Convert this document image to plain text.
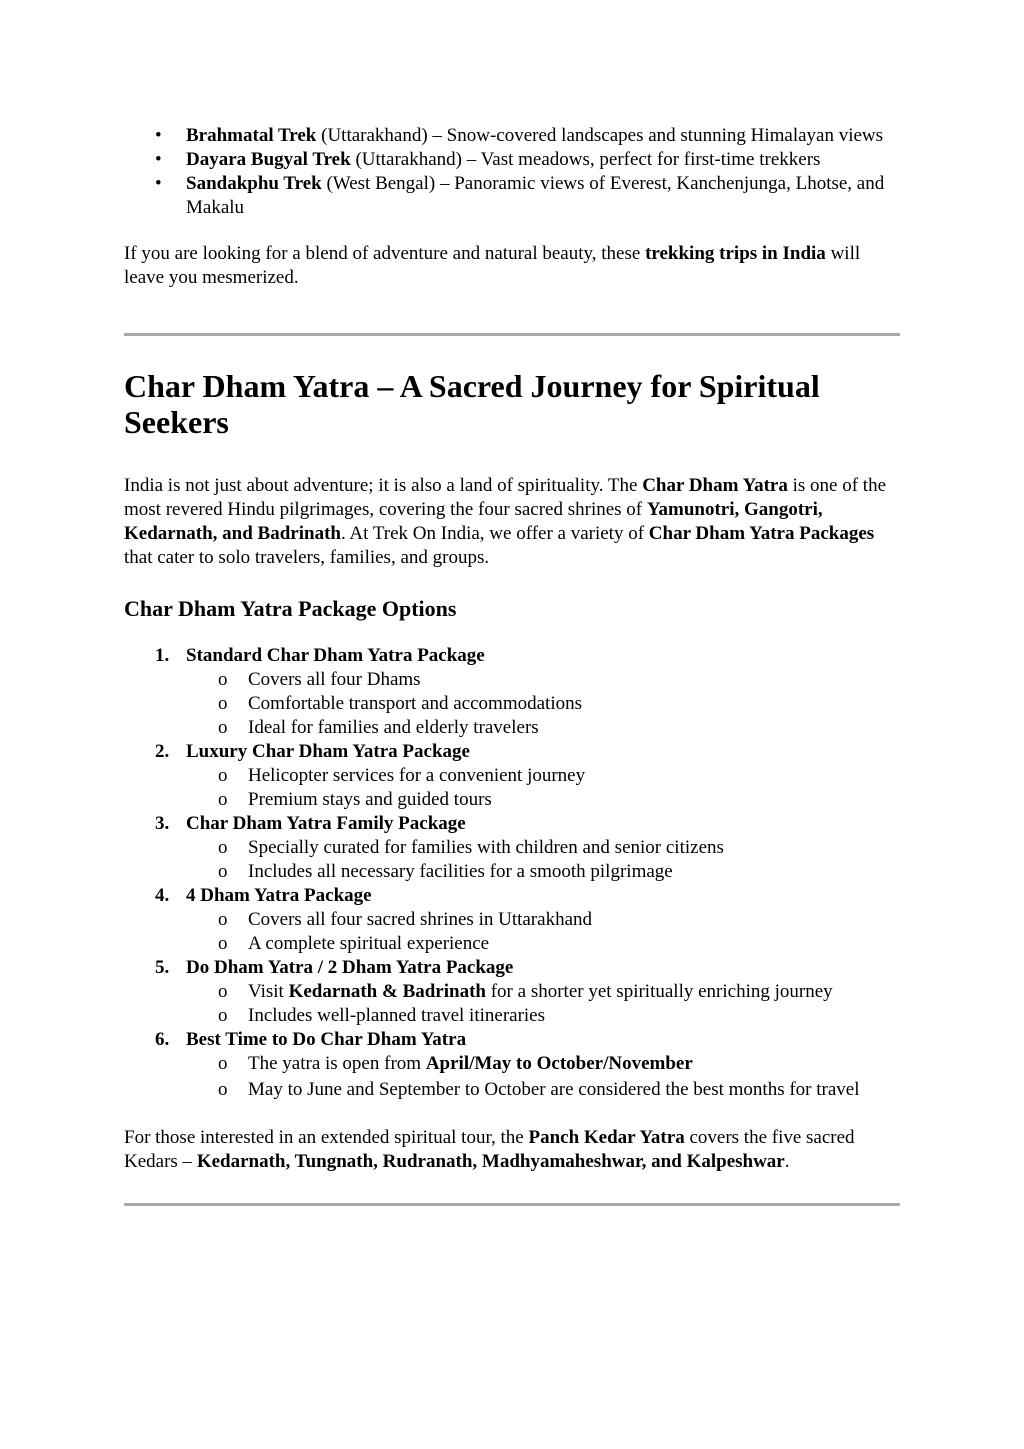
• Brahmatal Trek (Uttarakhand) – Snow-covered landscapes and stunning Himalayan views
• Dayara Bugyal Trek (Uttarakhand) – Vast meadows, perfect for first-time trekkers
• Sandakphu Trek (West Bengal) – Panoramic views of Everest, Kanchenjunga, Lhotse, and Makalu

If you are looking for a blend of adventure and natural beauty, these trekking trips in India will leave you mesmerized.

Char Dham Yatra – A Sacred Journey for Spiritual Seekers

India is not just about adventure; it is also a land of spirituality. The Char Dham Yatra is one of the most revered Hindu pilgrimages, covering the four sacred shrines of Yamunotri, Gangotri, Kedarnath, and Badrinath. At Trek On India, we offer a variety of Char Dham Yatra Packages that cater to solo travelers, families, and groups.

Char Dham Yatra Package Options
1. Standard Char Dham Yatra Package
o Covers all four Dhams
o Comfortable transport and accommodations
o Ideal for families and elderly travelers
2. Luxury Char Dham Yatra Package
o Helicopter services for a convenient journey
o Premium stays and guided tours
3. Char Dham Yatra Family Package
o Specially curated for families with children and senior citizens
o Includes all necessary facilities for a smooth pilgrimage
4. 4 Dham Yatra Package
o Covers all four sacred shrines in Uttarakhand
o A complete spiritual experience
5. Do Dham Yatra / 2 Dham Yatra Package
o Visit Kedarnath & Badrinath for a shorter yet spiritually enriching journey
o Includes well-planned travel itineraries
6. Best Time to Do Char Dham Yatra
o The yatra is open from April/May to October/November
o May to June and September to October are considered the best months for travel

For those interested in an extended spiritual tour, the Panch Kedar Yatra covers the five sacred Kedars – Kedarnath, Tungnath, Rudranath, Madhyamaheshwar, and Kalpeshwar.
